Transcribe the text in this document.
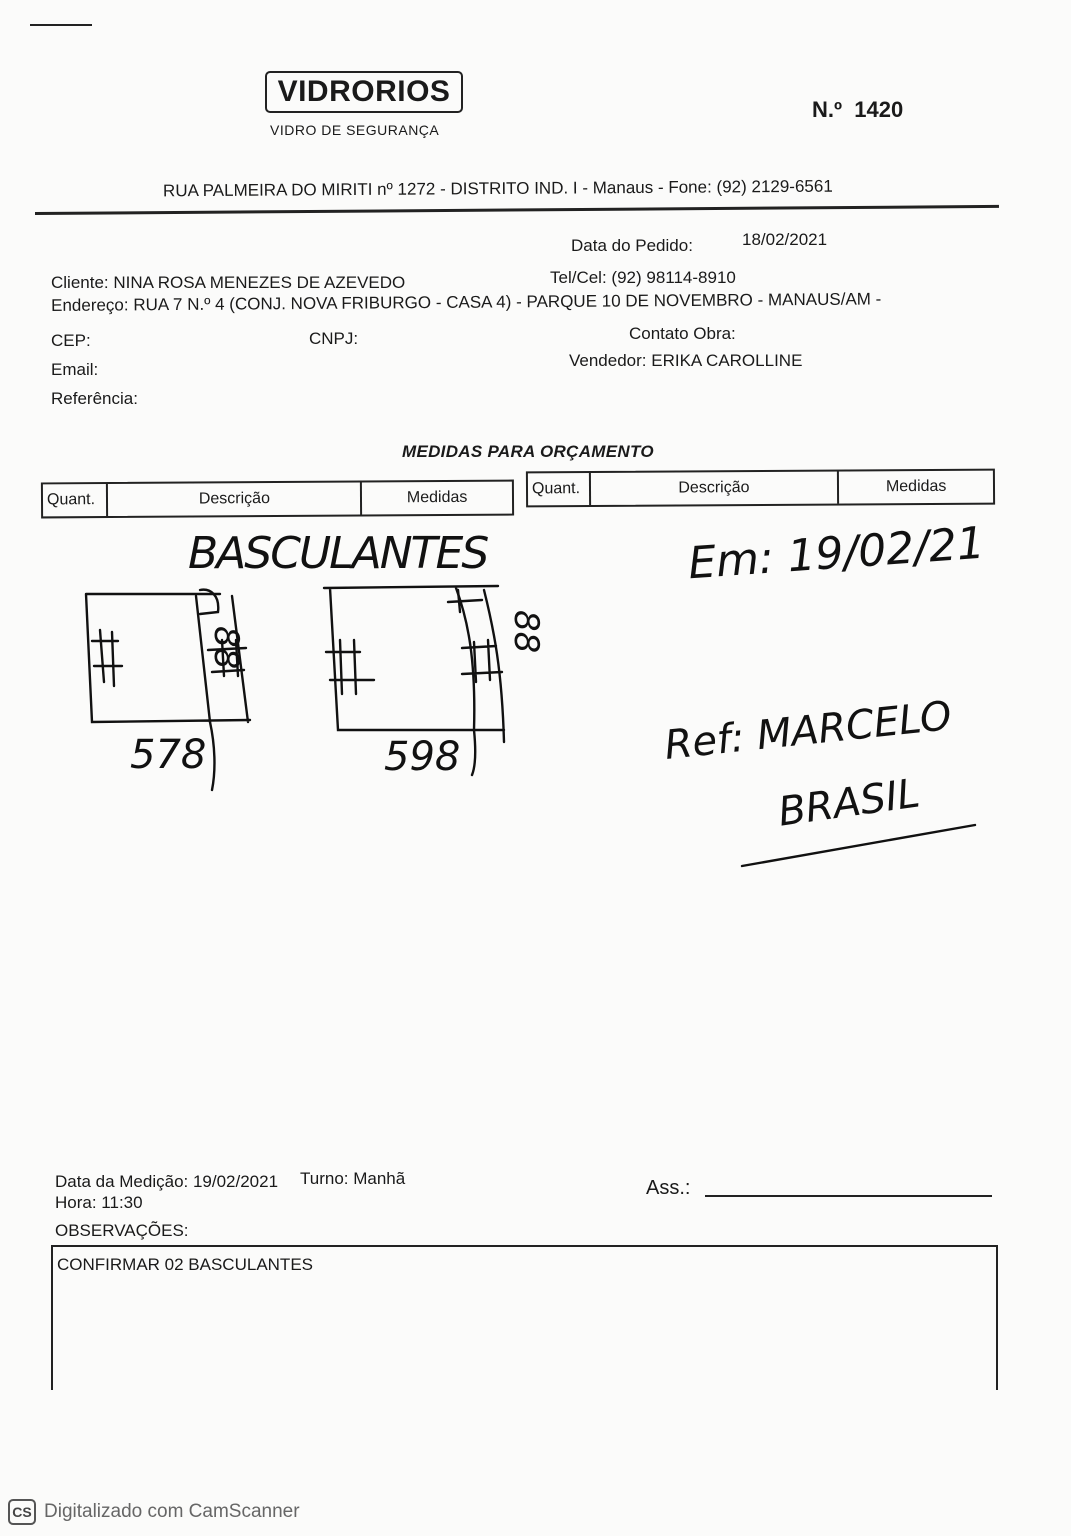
VIDRORIOS
VIDRO DE SEGURANÇA
N.º 1420
RUA PALMEIRA DO MIRITI nº 1272 - DISTRITO IND. I - Manaus - Fone: (92) 2129-6561
Data do Pedido:	18/02/2021
Cliente: NINA ROSA MENEZES DE AZEVEDO	Tel/Cel: (92) 98114-8910
Endereço: RUA 7 N.º 4 (CONJ. NOVA FRIBURGO - CASA 4) - PARQUE 10 DE NOVEMBRO - MANAUS/AM -
CEP:	CNPJ:	Contato Obra:
Email:	Vendedor: ERIKA CAROLLINE
Referência:
MEDIDAS PARA ORÇAMENTO
Quant.	Descrição	Medidas
Quant.	Descrição	Medidas
BASCULANTES
88
578
88
598
Em: 19/02/21
Ref: MARCELO
BRASIL
Data da Medição: 19/02/2021 Turno: Manhã
Hora: 11:30
Ass.:
OBSERVAÇÕES:
CONFIRMAR 02 BASCULANTES
CS Digitalizado com CamScanner
